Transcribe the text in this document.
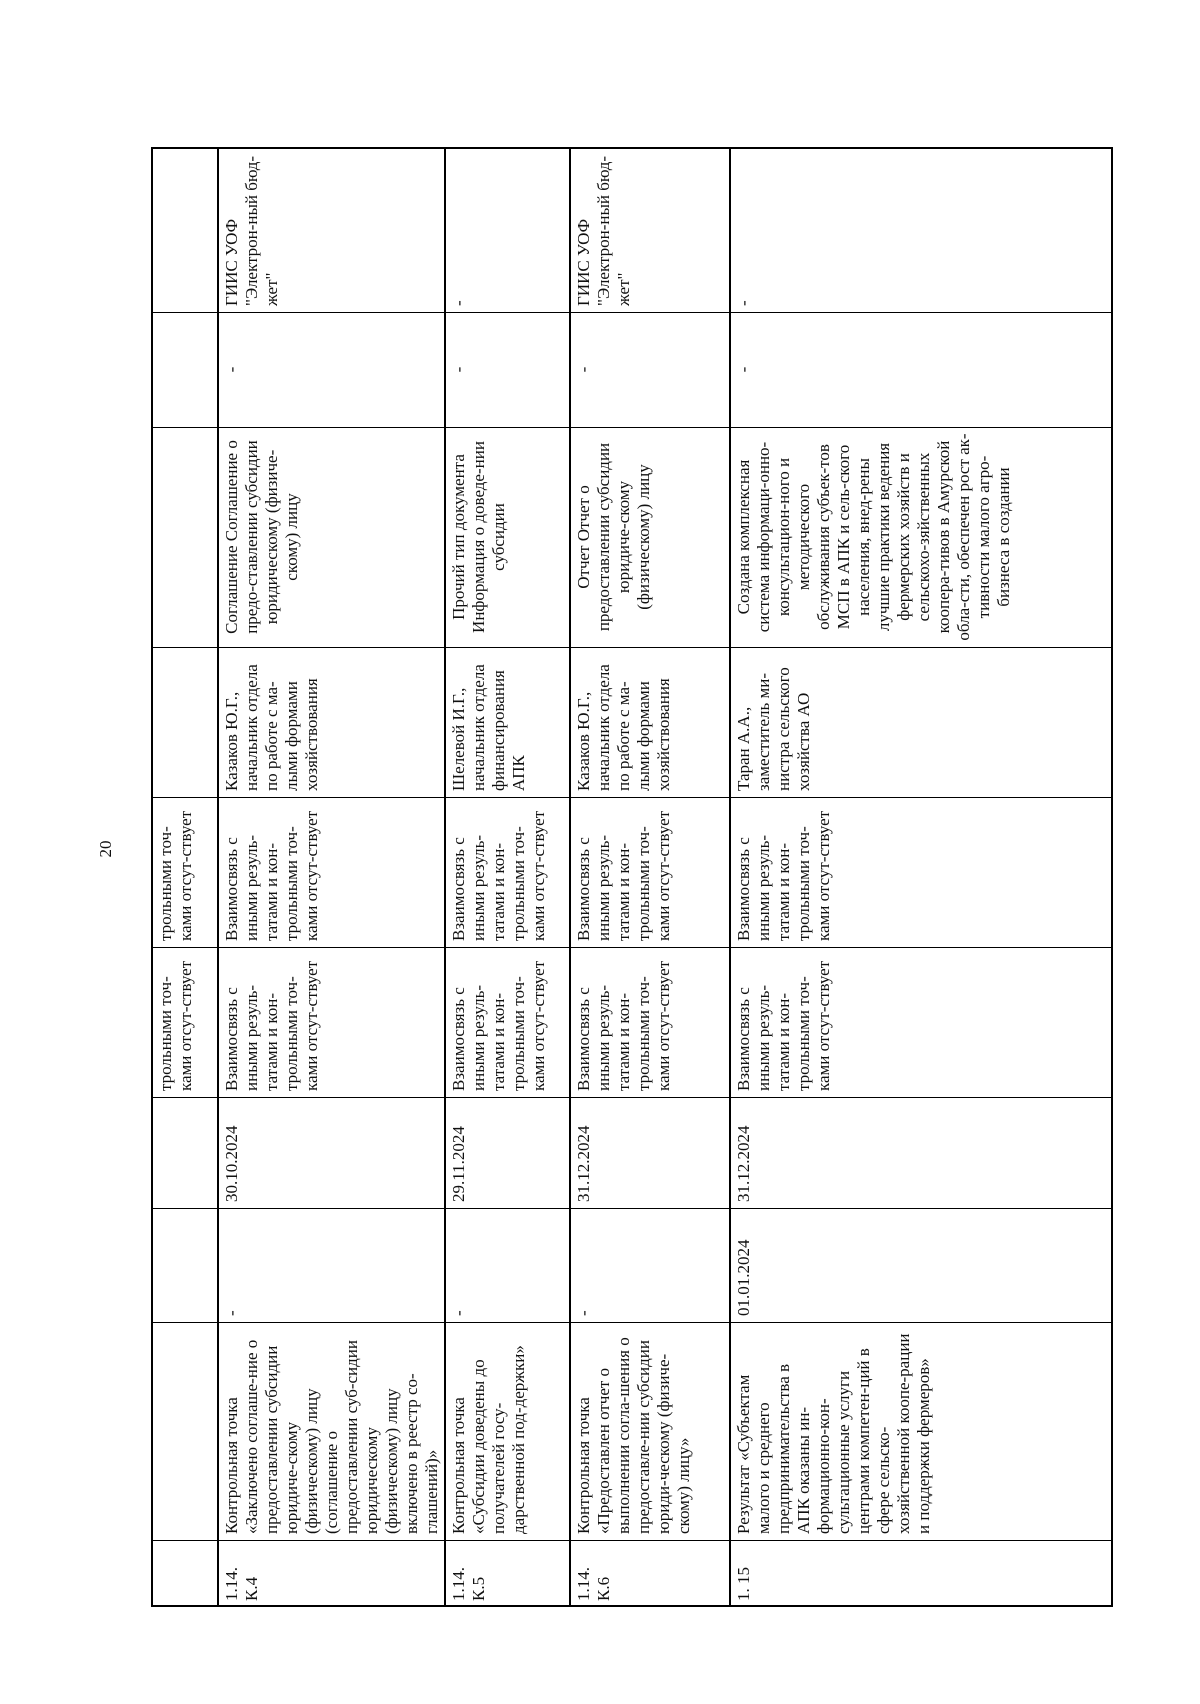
20
трольными точ-ками отсут-ствует
трольными точ-ками отсут-ствует
1.14. К.4
Контрольная точка «Заключено соглаше-ние о предоставлении субсидии юридиче-скому (физическому) лицу (соглашение о предоставлении суб-сидии юридическому (физическому) лицу включено в реестр со-глашений)»
-
30.10.2024
Взаимосвязь с иными резуль-татами и кон-трольными точ-ками отсут-ствует
Взаимосвязь с иными резуль-татами и кон-трольными точ-ками отсут-ствует
Казаков Ю.Г., начальник отдела по работе с ма-лыми формами хозяйствования
Соглашение Соглашение о предо-ставлении субсидии юридическому (физиче-скому) лицу
-
ГИИС УОФ "Электрон-ный бюд-жет"
1.14. К.5
Контрольная точка «Субсидии доведены до получателей госу-дарственной под-держки»
-
29.11.2024
Взаимосвязь с иными резуль-татами и кон-трольными точ-ками отсут-ствует
Взаимосвязь с иными резуль-татами и кон-трольными точ-ками отсут-ствует
Шелевой И.Г., начальник отдела финансирования АПК
Прочий тип документа Информация о доведе-нии субсидии
-
-
1.14. К.6
Контрольная точка «Предоставлен отчет о выполнении согла-шения о предоставле-нии субсидии юриди-ческому (физиче-скому) лицу»
-
31.12.2024
Взаимосвязь с иными резуль-татами и кон-трольными точ-ками отсут-ствует
Взаимосвязь с иными резуль-татами и кон-трольными точ-ками отсут-ствует
Казаков Ю.Г., начальник отдела по работе с ма-лыми формами хозяйствования
Отчет Отчет о предоставлении субсидии юридиче-скому (физическому) лицу
-
ГИИС УОФ "Электрон-ный бюд-жет"
1. 15
Результат «Субъектам малого и среднего предпринимательства в АПК оказаны ин-формационно-кон-сультационные услуги центрами компетен-ций в сфере сельско-хозяйственной коопе-рации и поддержки фермеров»
01.01.2024
31.12.2024
Взаимосвязь с иными резуль-татами и кон-трольными точ-ками отсут-ствует
Взаимосвязь с иными резуль-татами и кон-трольными точ-ками отсут-ствует
Таран А.А., заместитель ми-нистра сельского хозяйства АО
Создана комплексная система информаци-онно-консультацион-ного и методического обслуживания субъек-тов МСП в АПК и сель-ского населения, внед-рены лучшие практики ведения фермерских хозяйств и сельскохо-зяйственных коопера-тивов в Амурской обла-сти, обеспечен рост ак-тивности малого агро-бизнеса в создании
-
-
